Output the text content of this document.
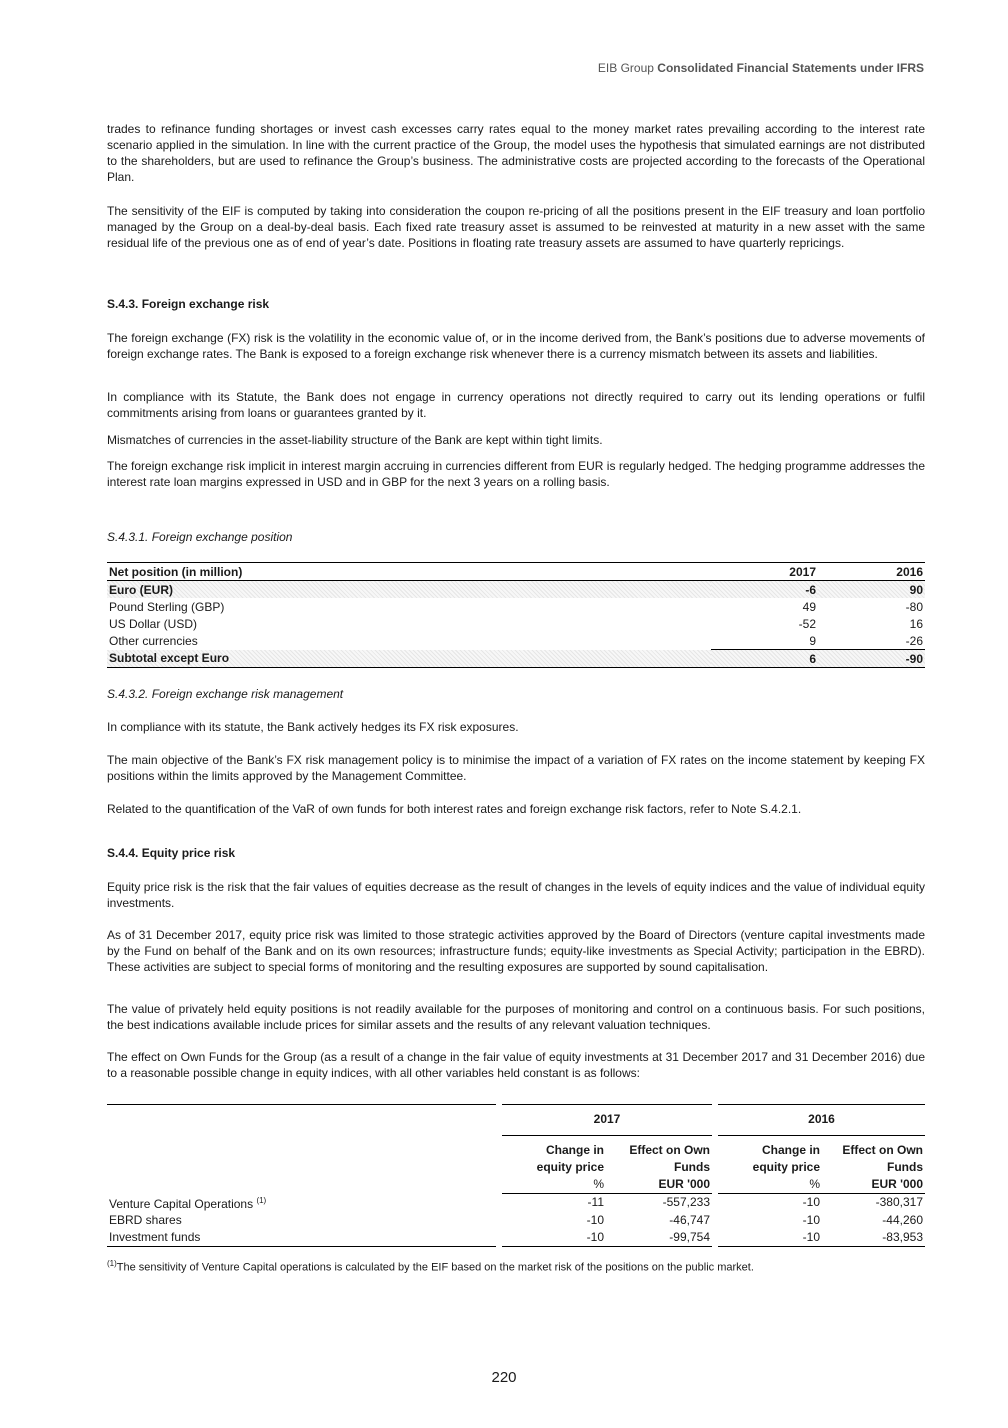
EIB Group Consolidated Financial Statements under IFRS

trades to refinance funding shortages or invest cash excesses carry rates equal to the money market rates prevailing according to the interest rate scenario applied in the simulation. In line with the current practice of the Group, the model uses the hypothesis that simulated earnings are not distributed to the shareholders, but are used to refinance the Group’s business. The administrative costs are projected according to the forecasts of the Operational Plan.

The sensitivity of the EIF is computed by taking into consideration the coupon re-pricing of all the positions present in the EIF treasury and loan portfolio managed by the Group on a deal-by-deal basis. Each fixed rate treasury asset is assumed to be reinvested at maturity in a new asset with the same residual life of the previous one as of end of year’s date. Positions in floating rate treasury assets are assumed to have quarterly repricings.

S.4.3. Foreign exchange risk

The foreign exchange (FX) risk is the volatility in the economic value of, or in the income derived from, the Bank’s positions due to adverse movements of foreign exchange rates. The Bank is exposed to a foreign exchange risk whenever there is a currency mismatch between its assets and liabilities.

In compliance with its Statute, the Bank does not engage in currency operations not directly required to carry out its lending operations or fulfil commitments arising from loans or guarantees granted by it.

Mismatches of currencies in the asset-liability structure of the Bank are kept within tight limits.

The foreign exchange risk implicit in interest margin accruing in currencies different from EUR is regularly hedged. The hedging programme addresses the interest rate loan margins expressed in USD and in GBP for the next 3 years on a rolling basis.

S.4.3.1. Foreign exchange position
Net position (in million)	2017	2016
Euro (EUR)	-6	90
Pound Sterling (GBP)	49	-80
US Dollar (USD)	-52	16
Other currencies	9	-26
Subtotal except Euro	6	-90
S.4.3.2. Foreign exchange risk management

In compliance with its statute, the Bank actively hedges its FX risk exposures.

The main objective of the Bank’s FX risk management policy is to minimise the impact of a variation of FX rates on the income statement by keeping FX positions within the limits approved by the Management Committee.

Related to the quantification of the VaR of own funds for both interest rates and foreign exchange risk factors, refer to Note S.4.2.1.

S.4.4. Equity price risk

Equity price risk is the risk that the fair values of equities decrease as the result of changes in the levels of equity indices and the value of individual equity investments.

As of 31 December 2017, equity price risk was limited to those strategic activities approved by the Board of Directors (venture capital investments made by the Fund on behalf of the Bank and on its own resources; infrastructure funds; equity-like investments as Special Activity; participation in the EBRD). These activities are subject to special forms of monitoring and the resulting exposures are supported by sound capitalisation.

The value of privately held equity positions is not readily available for the purposes of monitoring and control on a continuous basis. For such positions, the best indications available include prices for similar assets and the results of any relevant valuation techniques.

The effect on Own Funds for the Group (as a result of a change in the fair value of equity investments at 31 December 2017 and 31 December 2016) due to a reasonable possible change in equity indices, with all other variables held constant is as follows:

		2017			2016	
		Change in	Effect on Own		Change in	Effect on Own
		equity price	Funds		equity price	Funds
		%	EUR '000		%	EUR '000
Venture Capital Operations $^{(1)}$		-11	-557,233		-10	-380,317
EBRD shares		-10	-46,747		-10	-44,260
Investment funds		-10	-99,754		-10	-83,953

$^{(1)}$The sensitivity of Venture Capital operations is calculated by the EIF based on the market risk of the positions on the public market.

220
